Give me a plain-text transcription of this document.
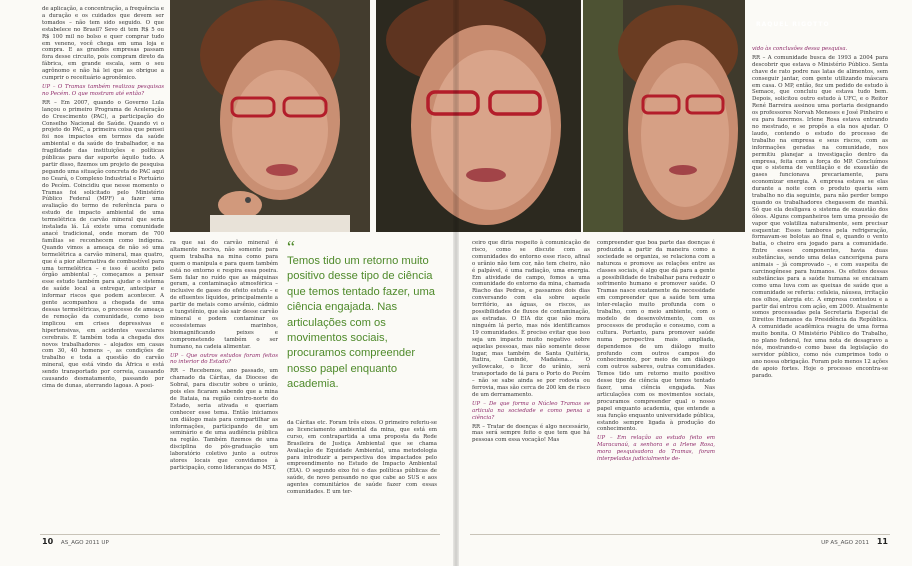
RAQUEL RIGOTTO

de aplicação, a concentração, a frequência e a duração e os cuidados que devem ser tomados – não tem sido seguido. O que estabelece no Brasil? Sevo di tem R$ 5 ou R$ 100 mil no bolso e quer comprar tudo em veneno, você chega em uma loja e compra. E as grandes empresas passam fora desse circuito, pois compram direto da fábrica, em grande escala, sem o seu agrônomo e não há lei que as obrigue a cumprir o receituário agronômico.

UP – O Tramas também realizou pesquisas no Pecém. O que mostram até então?

RR – Em 2007, quando o Governo Lula lançou o primeiro Programa de Aceleração do Crescimento (PAC), a participação do Conselho Nacional de Saúde. Quando vi o projeto do PAC, a primeira coisa que pensei foi nos impactos em termos da saúde ambiental e da saúde do trabalhador, e na fragilidade das instituições e políticas públicas para dar suporte àquilo tudo. A partir disso, fizemos um projeto de pesquisa pegando uma situação concreta do PAC aqui no Ceará, o Complexo Industrial e Portuário do Pecém. Coincidiu que nesse momento o Tramas foi solicitado pelo Ministério Público Federal (MPF) a fazer uma avaliação do termo de referência para o estudo de impacto ambiental de uma termelétrica de carvão mineral que seria instalada lá. Lá existe uma comunidade anacé tradicional, onde moram de 700 famílias se reconhecem como indígena. Quando vimos a ameaça de não só uma termelétrica a carvão mineral, mas quatro, que é a pior alternativa de combustível para uma termelétrica – e isso é aceito pelo órgão ambiental –, começamos a pensar esse estudo também para ajudar o sistema de saúde local a entregar, antecipar e informar riscos que podem acontecer. A gente acompanhou a chegada de uma dessas termelétricas, o processo de ameaça de remoção da comunidade, como isso implicou em crises depressivas e hipertensivas, em acidentes vasculares cerebrais. E também toda a chegada dos novos trabalhadores – alojados em casas com 30, 40 homens –, as condições de trabalho e toda a questão do carvão mineral, que está vindo da África e está sendo transportado por correia, causando causando desmatamento, passando por cima de dunas, aterrando lagoas. A poei-

ra que sai do carvão mineral é altamente nociva, não somente para quem trabalha na mina como para quem o manipula e para quem também está no entorno e respira essa poeira. Sem falar no ruído que as máquinas geram, a contaminação atmosférica – inclusive de gases do efeito estufa – e de efluentes líquidos, principalmente a partir de metais como arsênio, cádmio e tungstênio, que são sair desse carvão mineral e podem contaminar os ecossistemas marinhos, biomagnificando peixes e comprometendo também o ser humano, na cadeia alimentar.

UP – Que outros estudos foram feitos no interior do Estado?

RR – Recebemos, ano passado, um chamado da Cáritas, da Diocese de Sobral, para discutir sobre o urânio, pois eles ficaram sabendo que a mina de Itataia, na região centro-norte do Estado, seria ativada e queriam conhecer esse tema. Então iniciamos um diálogo mais para compartilhar as informações, participando de um seminário e de uma audiência pública na região. Também fizemos de uma disciplina do pós-graduação um laboratório coletivo junto a outros atores locais que convidamos à participação, como lideranças do MST,

da Cáritas etc. Foram três eixos. O primeiro referiu-se ao licenciamento ambiental da mina, que está em curso, em contrapartida a uma proposta da Rede Brasileira de Justiça Ambiental que se chama Avaliação de Equidade Ambiental, uma metodologia para introduzir a perspectiva dos impactados pelo empreendimento no Estudo de Impacto Ambiental (EIA). O segundo eixo foi o das políticas públicas de saúde, de novo pensando no que cabe ao SUS e aos agentes comunitários de saúde fazer com essas comunidades. E um ter-

ceiro que diria respeito à comunicação de risco, como se discute com as comunidades do entorno esse risco, afinal o urânio não tem cor, não tem cheiro, não é palpável, é uma radiação, uma energia. Em atividade de campo, fomos a uma comunidade do entorno da mina, chamada Riacho das Pedras, e passamos dois dias conversando com ela sobre aquele território, as águas, os riscos, as possibilidades de fluxos de contaminação, as estradas. O EIA diz que não mora ninguém lá perto, mas nós identificamos 19 comunidades. É preciso evitar que isso seja um impacto muito negativo sobre aquelas pessoas, mas não somente desse lugar, mas também de Santa Quitéria, Itatira, Canindé, Madalena... O yellowcake, o licor do urânio, será transportado de lá para o Porto do Pecém – não se sabe ainda se por rodovia ou ferrovia, mas são cerca de 200 km de risco de um derramamento.

UP – De que forma o Núcleo Tramas se articula na sociedade e como pensa a ciência?

RR – Tratar de doenças é algo necessário, mas será sempre feito o que tem que há pessoas com essa vocação! Mas

compreender que boa parte das doenças é produzida a partir da maneira como a sociedade se organiza, se relaciona com a natureza e promove as relações entre as classes sociais, é algo que dá para a gente a possibilidade de trabalhar para reduzir o sofrimento humano e promover saúde. O Tramas nasce exatamente da necessidade em compreender que a saúde tem uma inter-relação muito profunda com o trabalho, com o meio ambiente, com o modelo de desenvolvimento, com os processos de produção e consumo, com a cultura. Portanto, para promover saúde numa perspectiva mais ampliada, dependemos de um diálogo muito profundo com outros campos do conhecimento, por meio de um diálogo com outros saberes, outras comunidades. Temos tido um retorno muito positivo desse tipo de ciência que temos tentado fazer, uma ciência engajada. Nas articulações com os movimentos sociais, procuramos compreender qual o nosso papel enquanto academia, que entende a sua função enquanto universidade pública, estando sempre ligada à produção do conhecimento.

UP – Em relação ao estudo feito em Maracanaú, a senhora e a Irlene Rosa, mora pesquisadora do Tramas, foram interpeladas judicialmente de-

vido às conclusões dessa pesquisa.

RR – A comunidade busca de 1993 a 2004 para descobrir que estava o Ministério Público. Senta chave de rato podre nas latas de alimentos, sem conseguir jantar, com gente utilizando máscara em casa. O MP, então, fez um pedido de estudo à Semace, que concluiu que estava tudo bem. Depois, solicitou outro estudo à UFC, e o Reitor René Barreira assinou uma portaria designando os professores Norvah Meneses e José Pinheiro e eu para fazermos. Irlene Rosa estava entrando no mestrado, e se propôs a ela nos ajudar. O laudo, contendo o estudo do processo de trabalho na empresa e seus riscos, com as informações geradas na comunidade, nos permitiu planejar a investigação dentro da empresa, feita com a força do MP. Concluímos que o sistema de ventilação e de exaustão de gases funcionava precariamente, para economizar energia. A empresa estava se elas durante a noite com o produto queria sem trabalho no dia seguinte, para não perder tempo quando os trabalhadores chegassem de manhã. Só que ela desligava o sistema de exaustão dos óleos. Alguns companheiros tem uma pressão de vapor que volatiliza naturalmente, sem precisar esquentar. Esses tambores pela refrigeração, formavam-se bolotas ao final e, quando o vento batia, o cheiro era jogado para a comunidade. Entre esses componentes, havia duas substâncias, sendo uma delas cancerígena para animais – já comprovado –, e com suspeita de carcinogênese para humanos. Os efeitos dessas substâncias para a saúde humana se encaixam como uma luva com as queixas de saúde que a comunidade se referia: cefaleia, náusea, irritação nos olhos, alergia etc. A empresa contestou e a partir daí entrou com ação, em 2009. Atualmente somos processadas pela Secretaria Especial de Direitos Humanos da Presidência da República. A comunidade acadêmica reagiu de uma forma muito bonita. O Ministério Público do Trabalho, no plano federal, fez uma nota de desagravo a nós, mostrando-o como base da legislação do servidor público, como nós cumprimos todo o ano nossa obrigação. Foram pelo menos 12 ações de apoio fortes. Hoje o processo encontra-se parado.

“
Temos tido um retorno muito positivo desse tipo de ciência que temos tentado fazer, uma ciência engajada. Nas articulações com os movimentos sociais, procuramos compreender nosso papel enquanto academia.
10 AS_AGO 2011 UP	UP AS_AGO 2011 11
